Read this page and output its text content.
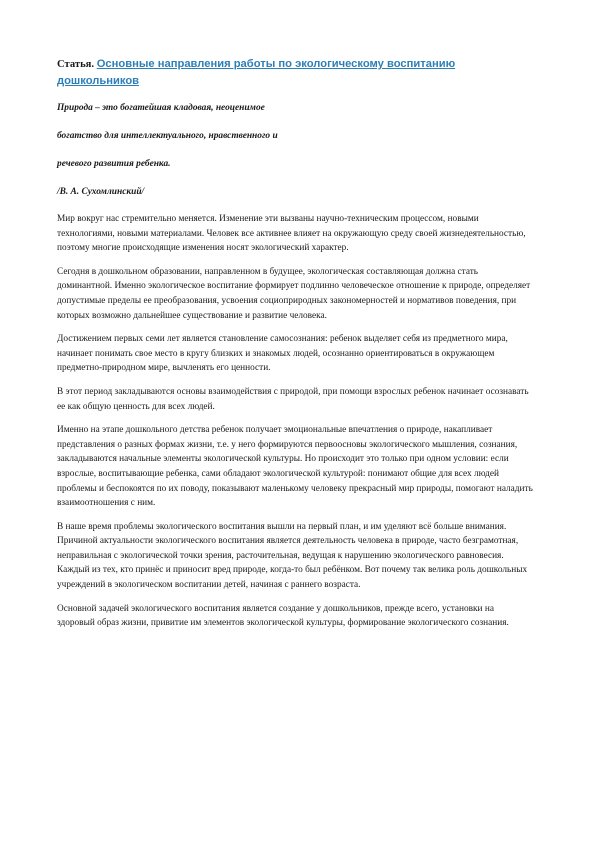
Статья. Основные направления работы по экологическому воспитанию дошкольников
Природа – это богатейшая кладовая, неоценимое
богатство для интеллектуального, нравственного и
речевого развития ребенка.
/В. А. Сухомлинский/

Мир вокруг нас стремительно меняется. Изменение эти вызваны научно-техническим процессом, новыми технологиями, новыми материалами. Человек все активнее влияет на окружающую среду своей жизнедеятельностью, поэтому многие происходящие изменения носят экологический характер.

Сегодня в дошкольном образовании, направленном в будущее, экологическая составляющая должна стать доминантной. Именно экологическое воспитание формирует подлинно человеческое отношение к природе, определяет допустимые пределы ее преобразования, усвоения социоприродных закономерностей и нормативов поведения, при которых возможно дальнейшее существование и развитие человека.

Достижением первых семи лет является становление самосознания: ребенок выделяет себя из предметного мира, начинает понимать свое место в кругу близких и знакомых людей, осознанно ориентироваться в окружающем предметно-природном мире, вычленять его ценности.

В этот период закладываются основы взаимодействия с природой, при помощи взрослых ребенок начинает осознавать ее как общую ценность для всех людей.

Именно на этапе дошкольного детства ребенок получает эмоциональные впечатления о природе, накапливает представления о разных формах жизни, т.е. у него формируются первоосновы экологического мышления, сознания, закладываются начальные элементы экологической культуры. Но происходит это только при одном условии: если взрослые, воспитывающие ребенка, сами обладают экологической культурой: понимают общие для всех людей проблемы и беспокоятся по их поводу, показывают маленькому человеку прекрасный мир природы, помогают наладить взаимоотношения с ним.

В наше время проблемы экологического воспитания вышли на первый план, и им уделяют всё больше внимания. Причиной актуальности экологического воспитания является деятельность человека в природе, часто безграмотная, неправильная с экологической точки зрения, расточительная, ведущая к нарушению экологического равновесия. Каждый из тех, кто принёс и приносит вред природе, когда-то был ребёнком. Вот почему так велика роль дошкольных учреждений в экологическом воспитании детей, начиная с раннего возраста.

Основной задачей экологического воспитания является создание у дошкольников, прежде всего, установки на здоровый образ жизни, привитие им элементов экологической культуры, формирование экологического сознания.
